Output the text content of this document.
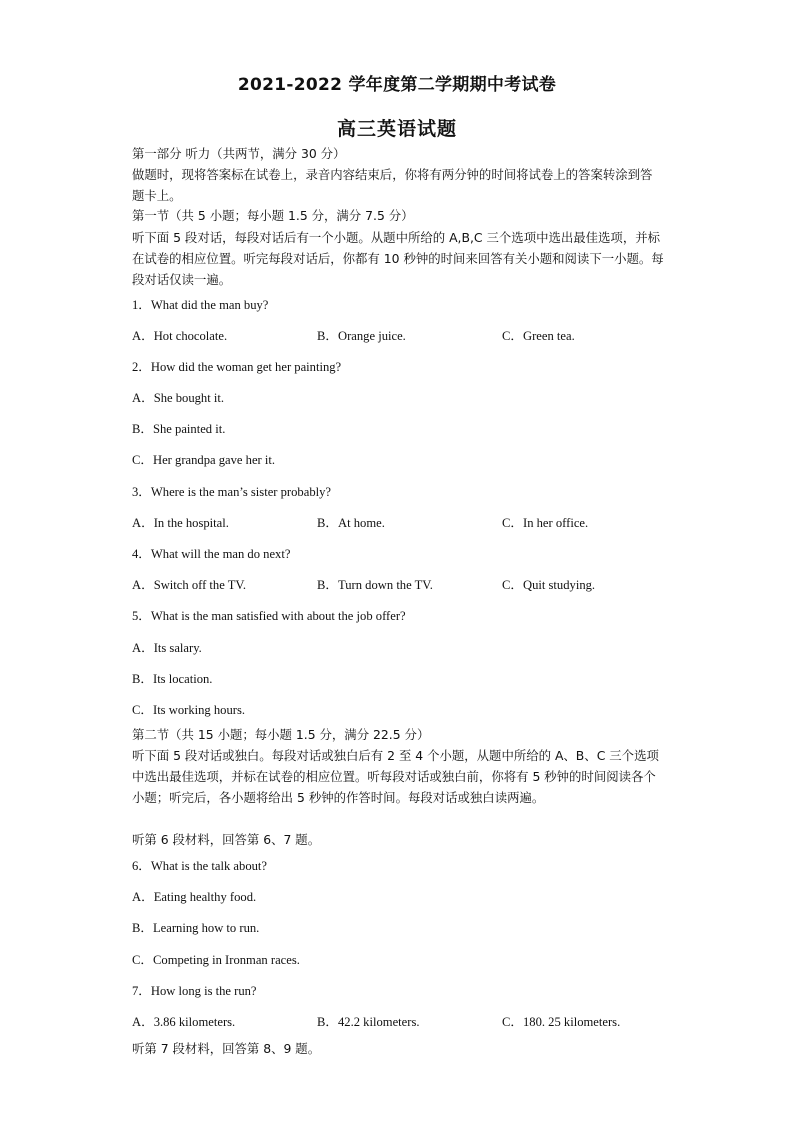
2021-2022 学年度第二学期期中考试卷
高三英语试题
第一部分 听力（共两节，满分 30 分）
做题时，现将答案标在试卷上，录音内容结束后，你将有两分钟的时间将试卷上的答案转涂到答题卡上。
第一节（共 5 小题；每小题 1.5 分，满分 7.5 分）
听下面 5 段对话，每段对话后有一个小题。从题中所给的 A,B,C 三个选项中选出最佳选项，并标在试卷的相应位置。听完每段对话后，你都有 10 秒钟的时间来回答有关小题和阅读下一小题。每段对话仅读一遍。
1．What did the man buy?
A．Hot chocolate.	B．Orange juice.	C．Green tea.
2．How did the woman get her painting?
A．She bought it.
B．She painted it.
C．Her grandpa gave her it.
3．Where is the man’s sister probably?
A．In the hospital.	B．At home.	C．In her office.
4．What will the man do next?
A．Switch off the TV.	B．Turn down the TV.	C．Quit studying.
5．What is the man satisfied with about the job offer?
A．Its salary.
B．Its location.
C．Its working hours.
第二节（共 15 小题；每小题 1.5 分，满分 22.5 分）
听下面 5 段对话或独白。每段对话或独白后有 2 至 4 个小题，从题中所给的 A、B、C 三个选项中选出最佳选项，并标在试卷的相应位置。听每段对话或独白前，你将有 5 秒钟的时间阅读各个小题；听完后，各小题将给出 5 秒钟的作答时间。每段对话或独白读两遍。
听第 6 段材料，回答第 6、7 题。
6．What is the talk about?
A．Eating healthy food.
B．Learning how to run.
C．Competing in Ironman races.
7．How long is the run?
A．3.86 kilometers.	B．42.2 kilometers.	C．180. 25 kilometers.
听第 7 段材料，回答第 8、9 题。
